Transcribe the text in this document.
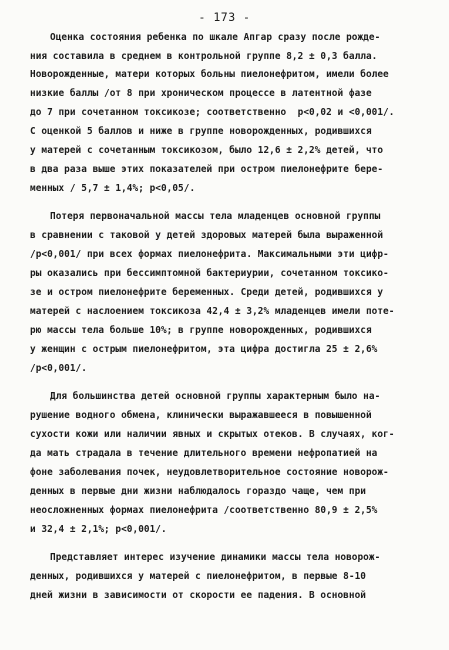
- 173 -
Оценка состояния ребенка по шкале Апгар сразу после рожде-
ния составила в среднем в контрольной группе 8,2 ± 0,3 балла.
Новорожденные, матери которых больны пиелонефритом, имели более
низкие баллы /от 8 при хроническом процессе в латентной фазе
до 7 при сочетанном токсикозе; соответственно  р<0,02 и <0,001/.
С оценкой 5 баллов и ниже в группе новорожденных, родившихся
у матерей с сочетанным токсикозом, было 12,6 ± 2,2% детей, что
в два раза выше этих показателей при остром пиелонефрите бере-
менных / 5,7 ± 1,4%; р<0,05/.
Потеря первоначальной массы тела младенцев основной группы
в сравнении с таковой у детей здоровых матерей была выраженной
/р<0,001/ при всех формах пиелонефрита. Максимальными эти цифр-
ры оказались при бессимптомной бактериурии, сочетанном токсико-
зе и остром пиелонефрите беременных. Среди детей, родившихся у
матерей с наслоением токсикоза 42,4 ± 3,2% младенцев имели поте-
рю массы тела больше 10%; в группе новорожденных, родившихся
у женщин с острым пиелонефритом, эта цифра достигла 25 ± 2,6%
/р<0,001/.
Для большинства детей основной группы характерным было на-
рушение водного обмена, клинически выражавшееся в повышенной
сухости кожи или наличии явных и скрытых отеков. В случаях, ког-
да мать страдала в течение длительного времени нефропатией на
фоне заболевания почек, неудовлетворительное состояние новорож-
денных в первые дни жизни наблюдалось гораздо чаще, чем при
неосложненных формах пиелонефрита /соответственно 80,9 ± 2,5%
и 32,4 ± 2,1%; р<0,001/.
Представляет интерес изучение динамики массы тела новорож-
денных, родившихся у матерей с пиелонефритом, в первые 8-10
дней жизни в зависимости от скорости ее падения. В основной
